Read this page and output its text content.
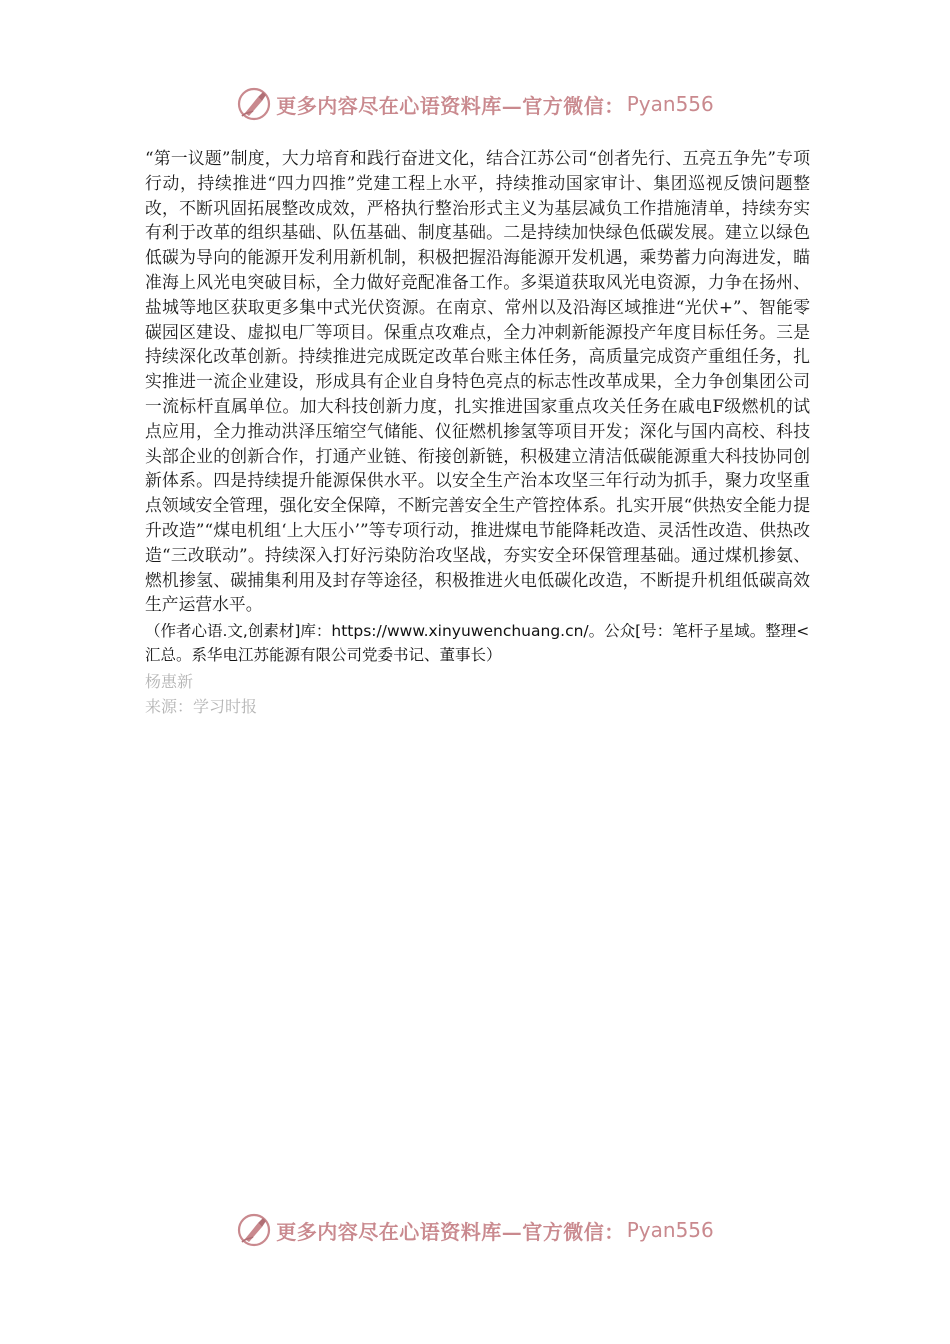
更多内容尽在心语资料库—官方微信： Pyan556

“第一议题”制度，大力培育和践行奋进文化，结合江苏公司“创者先行、五亮五争先”专项行动，持续推进“四力四推”党建工程上水平，持续推动国家审计、集团巡视反馈问题整改，不断巩固拓展整改成效，严格执行整治形式主义为基层减负工作措施清单，持续夯实有利于改革的组织基础、队伍基础、制度基础。二是持续加快绿色低碳发展。建立以绿色低碳为导向的能源开发利用新机制，积极把握沿海能源开发机遇，乘势蓄力向海进发，瞄准海上风光电突破目标，全力做好竞配准备工作。多渠道获取风光电资源，力争在扬州、盐城等地区获取更多集中式光伏资源。在南京、常州以及沿海区域推进“光伏+”、智能零碳园区建设、虚拟电厂等项目。保重点攻难点，全力冲刺新能源投产年度目标任务。三是持续深化改革创新。持续推进完成既定改革台账主体任务，高质量完成资产重组任务，扎实推进一流企业建设，形成具有企业自身特色亮点的标志性改革成果，全力争创集团公司一流标杆直属单位。加大科技创新力度，扎实推进国家重点攻关任务在戚电F级燃机的试点应用，全力推动洪泽压缩空气储能、仪征燃机掺氢等项目开发；深化与国内高校、科技头部企业的创新合作，打通产业链、衔接创新链，积极建立清洁低碳能源重大科技协同创新体系。四是持续提升能源保供水平。以安全生产治本攻坚三年行动为抓手，聚力攻坚重点领域安全管理，强化安全保障，不断完善安全生产管控体系。扎实开展“供热安全能力提升改造”“煤电机组‘上大压小’”等专项行动，推进煤电节能降耗改造、灵活性改造、供热改造“三改联动”。持续深入打好污染防治攻坚战，夯实安全环保管理基础。通过煤机掺氨、燃机掺氢、碳捕集利用及封存等途径，积极推进火电低碳化改造，不断提升机组低碳高效生产运营水平。

（作者心语.文,创素材]库：https://www.xinyuwenchuang.cn/。公众[号：笔杆子星域。整理<汇总。系华电江苏能源有限公司党委书记、董事长）

杨惠新

来源：学习时报

更多内容尽在心语资料库—官方微信： Pyan556
